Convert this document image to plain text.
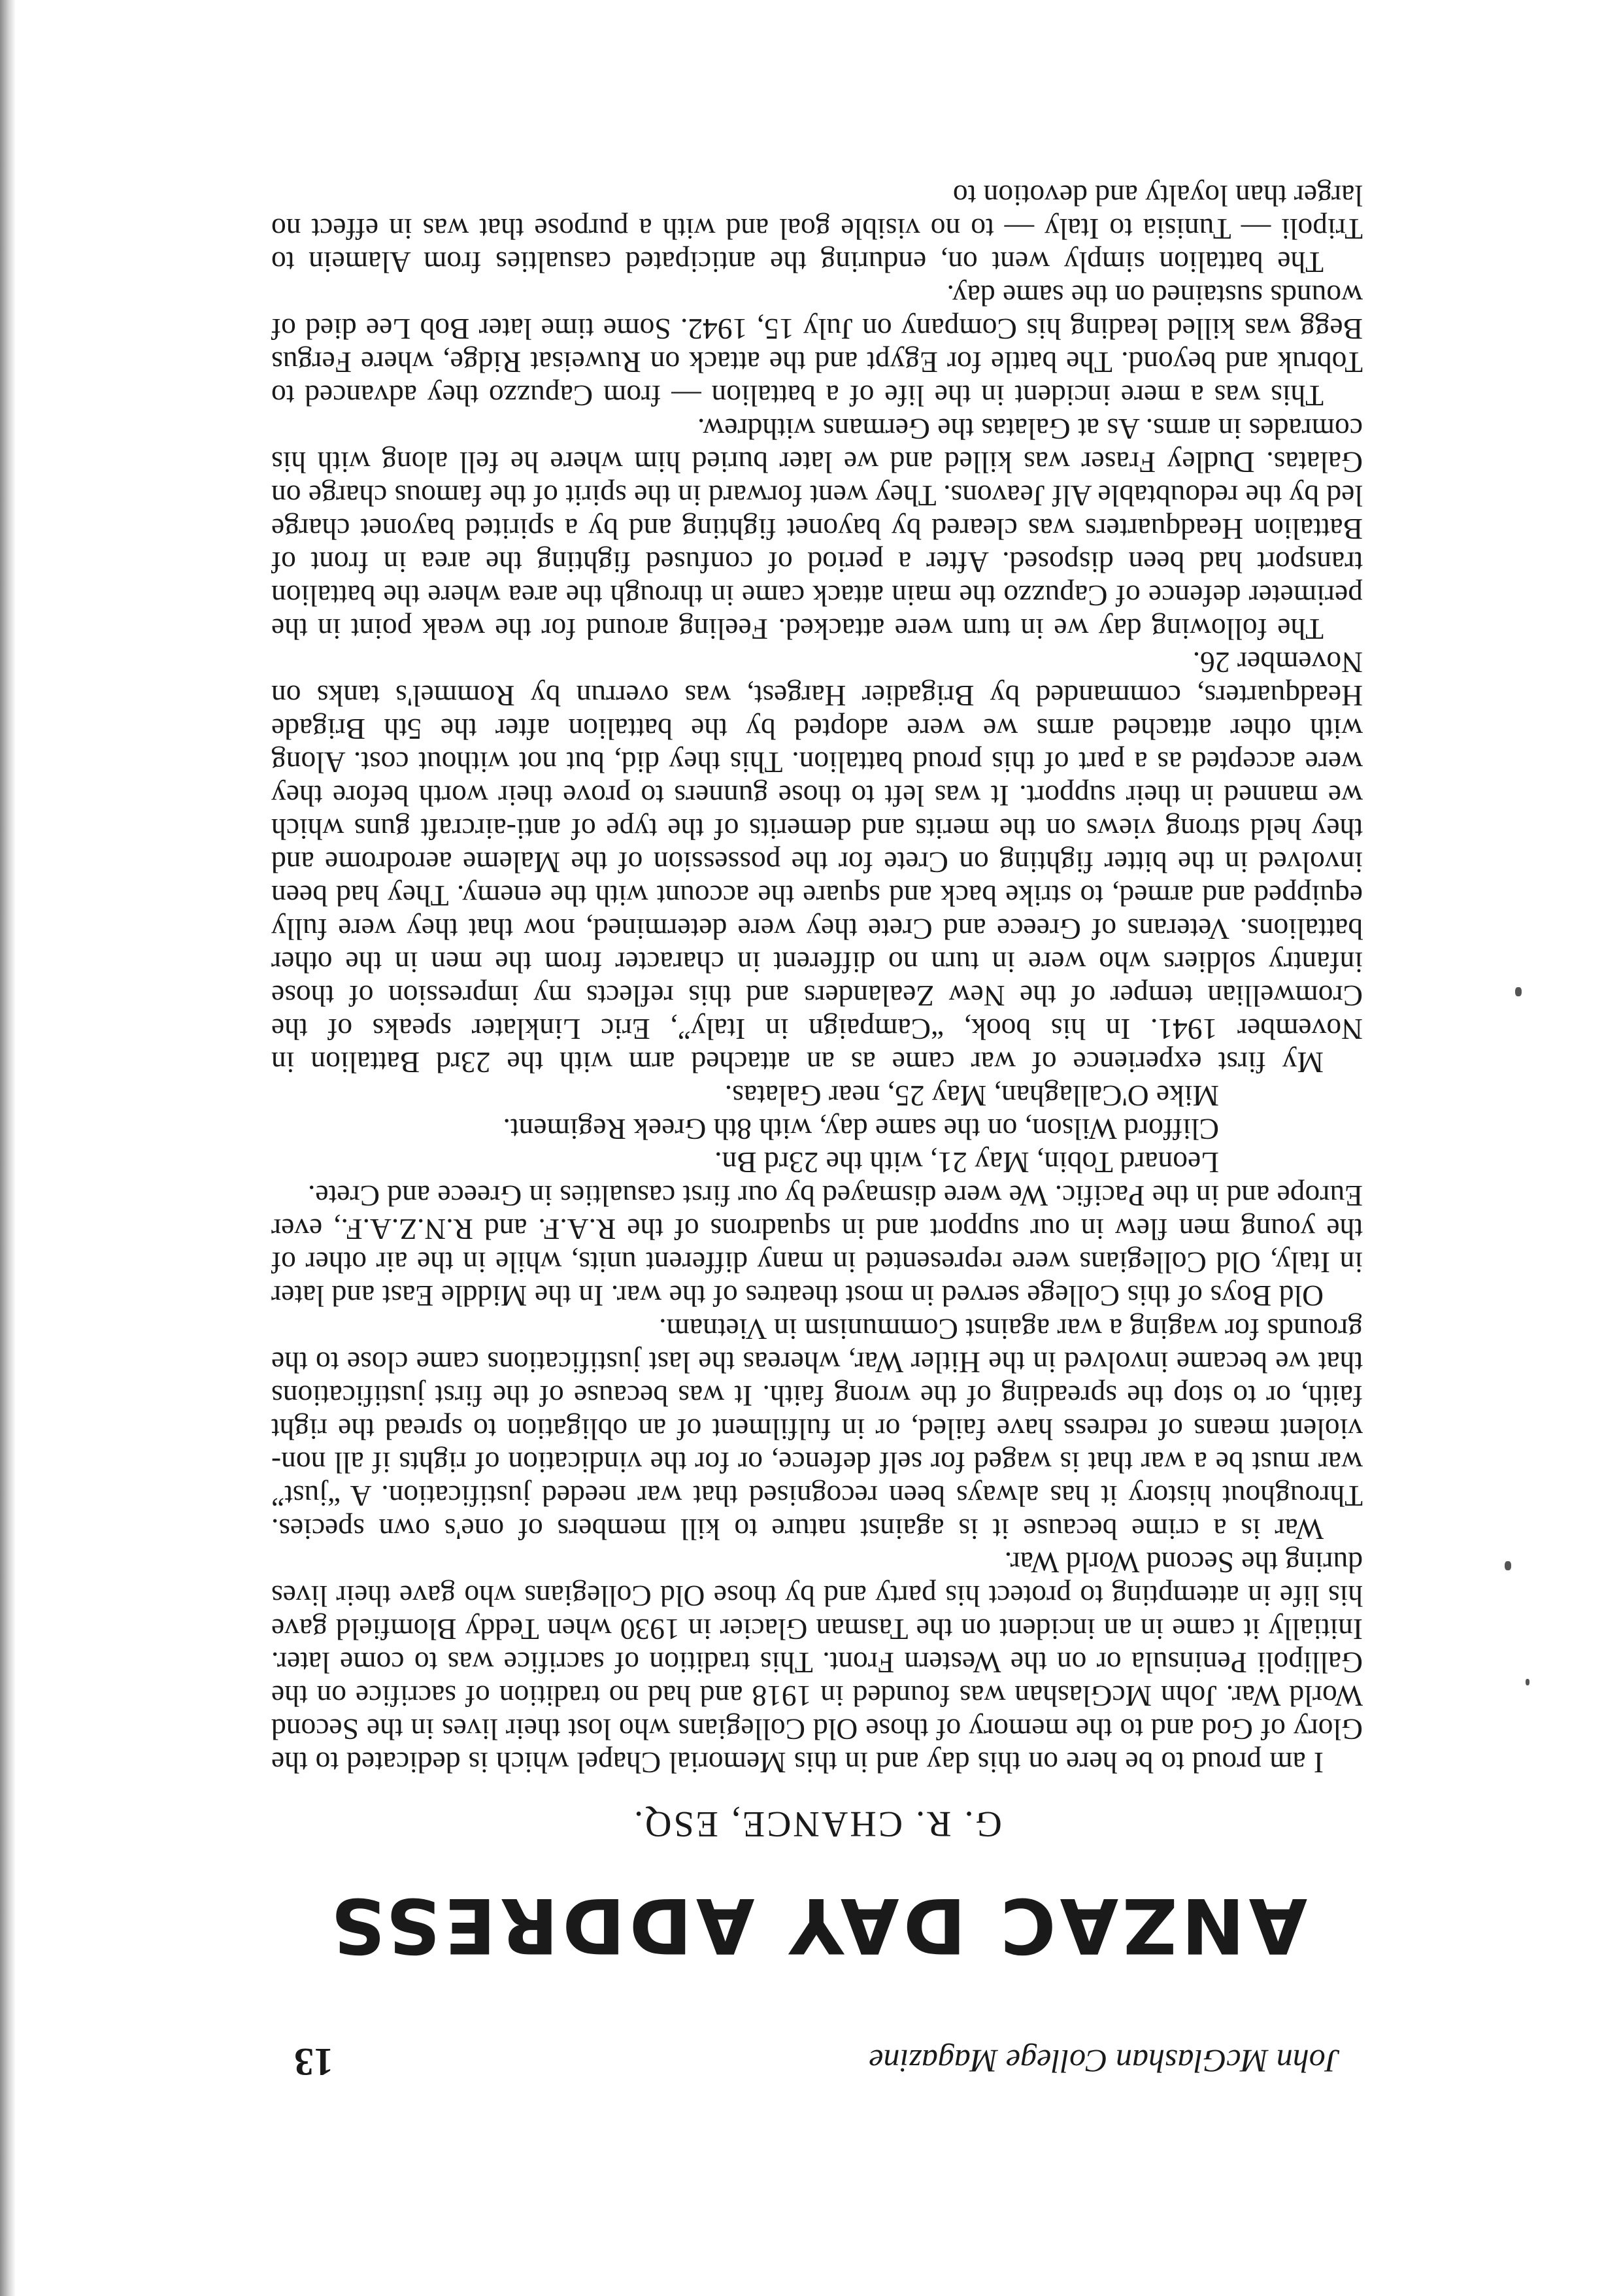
John McGlashan College Magazine
13
ANZAC DAY ADDRESS
G. R. CHANCE, ESQ.

I am proud to be here on this day and in this Memorial Chapel which is dedicated to the Glory of God and to the memory of those Old Collegians who lost their lives in the Second World War. John McGlashan was founded in 1918 and had no tradition of sacrifice on the Gallipoli Peninsula or on the Western Front. This tradition of sacrifice was to come later. Initially it came in an incident on the Tasman Glacier in 1930 when Teddy Blomfield gave his life in attempting to protect his party and by those Old Collegians who gave their lives during the Second World War.

War is a crime because it is against nature to kill members of one's own species. Throughout history it has always been recognised that war needed justification. A “just” war must be a war that is waged for self defence, or for the vindication of rights if all non-violent means of redress have failed, or in fulfilment of an obligation to spread the right faith, or to stop the spreading of the wrong faith. It was because of the first justifications that we became involved in the Hitler War, whereas the last justifications came close to the grounds for waging a war against Communism in Vietnam.

Old Boys of this College served in most theatres of the war. In the Middle East and later in Italy, Old Collegians were represented in many different units, while in the air other of the young men flew in our support and in squadrons of the R.A.F. and R.N.Z.A.F., ever Europe and in the Pacific. We were dismayed by our first casualties in Greece and Crete.

Leonard Tobin, May 21, with the 23rd Bn.
Clifford Wilson, on the same day, with 8th Greek Regiment.
Mike O'Callaghan, May 25, near Galatas.

My first experience of war came as an attached arm with the 23rd Battalion in November 1941. In his book, “Campaign in Italy”, Eric Linklater speaks of the Cromwellian temper of the New Zealanders and this reflects my impression of those infantry soldiers who were in turn no different in character from the men in the other battalions. Veterans of Greece and Crete they were determined, now that they were fully equipped and armed, to strike back and square the account with the enemy. They had been involved in the bitter fighting on Crete for the possession of the Maleme aerodrome and they held strong views on the merits and demerits of the type of anti-aircraft guns which we manned in their support. It was left to those gunners to prove their worth before they were accepted as a part of this proud battalion. This they did, but not without cost. Along with other attached arms we were adopted by the battalion after the 5th Brigade Headquarters, commanded by Brigadier Hargest, was overrun by Rommel's tanks on November 26.

The following day we in turn were attacked. Feeling around for the weak point in the perimeter defence of Capuzzo the main attack came in through the area where the battalion transport had been disposed. After a period of confused fighting the area in front of Battalion Headquarters was cleared by bayonet fighting and by a spirited bayonet charge led by the redoubtable Alf Jeavons. They went forward in the spirit of the famous charge on Galatas. Dudley Fraser was killed and we later buried him where he fell along with his comrades in arms. As at Galatas the Germans withdrew.

This was a mere incident in the life of a battalion — from Capuzzo they advanced to Tobruk and beyond. The battle for Egypt and the attack on Ruweisat Ridge, where Fergus Begg was killed leading his Company on July 15, 1942. Some time later Bob Lee died of wounds sustained on the same day.

The battalion simply went on, enduring the anticipated casualties from Alamein to Tripoli — Tunisia to Italy — to no visible goal and with a purpose that was in effect no larger than loyalty and devotion to
